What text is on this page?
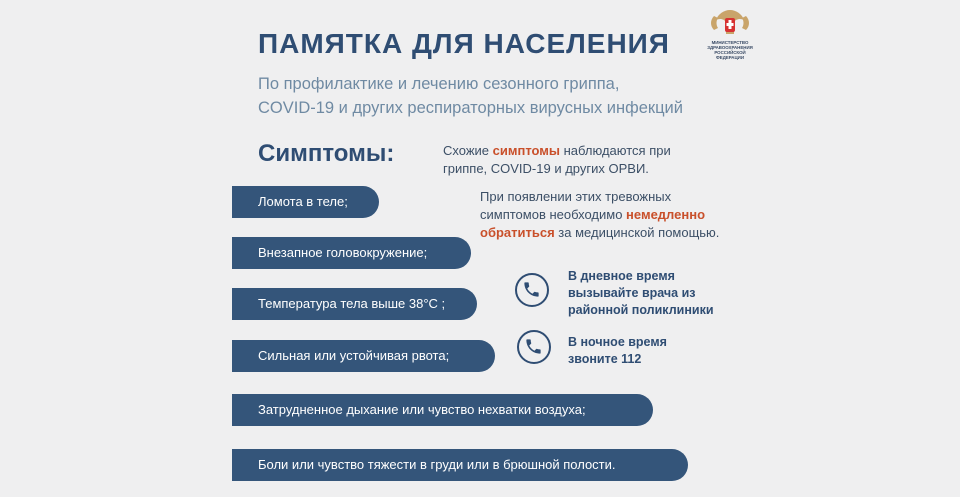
ПАМЯТКА ДЛЯ НАСЕЛЕНИЯ
По профилактике и лечению сезонного гриппа,
COVID-19 и других респираторных вирусных инфекций
МИНИСТЕРСТВО ЗДРАВООХРАНЕНИЯ РОССИЙСКОЙ ФЕДЕРАЦИИ
Симптомы:	Схожие симптомы наблюдаются при
гриппе, COVID-19 и других ОРВИ.
При появлении этих тревожных
симптомов необходимо немедленно
обратиться за медицинской помощью.
Ломота в теле;
Внезапное головокружение;
Температура тела выше 38°С ;
Сильная или устойчивая рвота;
Затрудненное дыхание или чувство нехватки воздуха;
Боли или чувство тяжести в груди или в брюшной полости.
В дневное время
вызывайте врача из
районной поликлиники
В ночное время
звоните 112
